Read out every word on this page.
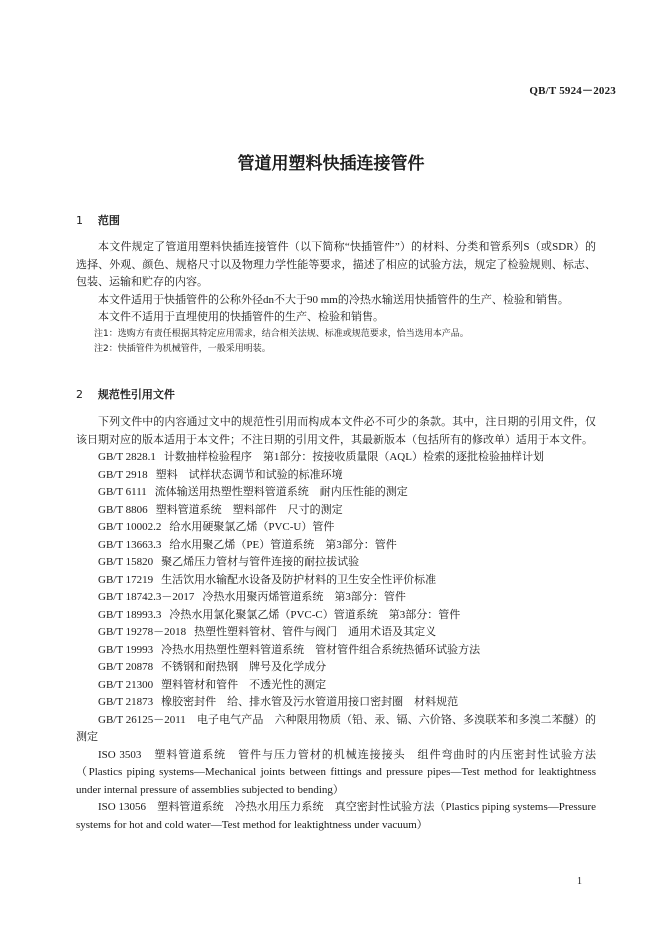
QB/T 5924－2023
管道用塑料快插连接管件
1 范围

本文件规定了管道用塑料快插连接管件（以下简称“快插管件”）的材料、分类和管系列S（或SDR）的选择、外观、颜色、规格尺寸以及物理力学性能等要求，描述了相应的试验方法，规定了检验规则、标志、包装、运输和贮存的内容。

本文件适用于快插管件的公称外径dn不大于90 mm的冷热水输送用快插管件的生产、检验和销售。

本文件不适用于直埋使用的快插管件的生产、检验和销售。

注1：选购方有责任根据其特定应用需求，结合相关法规、标准或规范要求，恰当选用本产品。

注2：快插管件为机械管件，一般采用明装。

2 规范性引用文件

下列文件中的内容通过文中的规范性引用而构成本文件必不可少的条款。其中，注日期的引用文件，仅该日期对应的版本适用于本文件；不注日期的引用文件，其最新版本（包括所有的修改单）适用于本文件。

GB/T 2828.1 计数抽样检验程序　第1部分：按接收质量限（AQL）检索的逐批检验抽样计划

GB/T 2918 塑料　试样状态调节和试验的标准环境

GB/T 6111 流体输送用热塑性塑料管道系统　耐内压性能的测定

GB/T 8806 塑料管道系统　塑料部件　尺寸的测定

GB/T 10002.2 给水用硬聚氯乙烯（PVC-U）管件

GB/T 13663.3 给水用聚乙烯（PE）管道系统　第3部分：管件

GB/T 15820 聚乙烯压力管材与管件连接的耐拉拔试验

GB/T 17219 生活饮用水输配水设备及防护材料的卫生安全性评价标准

GB/T 18742.3－2017 冷热水用聚丙烯管道系统　第3部分：管件

GB/T 18993.3 冷热水用氯化聚氯乙烯（PVC-C）管道系统　第3部分：管件

GB/T 19278－2018 热塑性塑料管材、管件与阀门　通用术语及其定义

GB/T 19993 冷热水用热塑性塑料管道系统　管材管件组合系统热循环试验方法

GB/T 20878 不锈钢和耐热钢　牌号及化学成分

GB/T 21300 塑料管材和管件　不透光性的测定

GB/T 21873 橡胶密封件　给、排水管及污水管道用接口密封圈　材料规范

GB/T 26125－2011　电子电气产品　六种限用物质（铅、汞、镉、六价铬、多溴联苯和多溴二苯醚）的测定

ISO 3503　塑料管道系统　管件与压力管材的机械连接接头　组件弯曲时的内压密封性试验方法（Plastics piping systems—Mechanical joints between fittings and pressure pipes—Test method for leaktightness under internal pressure of assemblies subjected to bending）

ISO 13056　塑料管道系统　冷热水用压力系统　真空密封性试验方法（Plastics piping systems—Pressure systems for hot and cold water—Test method for leaktightness under vacuum）

1
